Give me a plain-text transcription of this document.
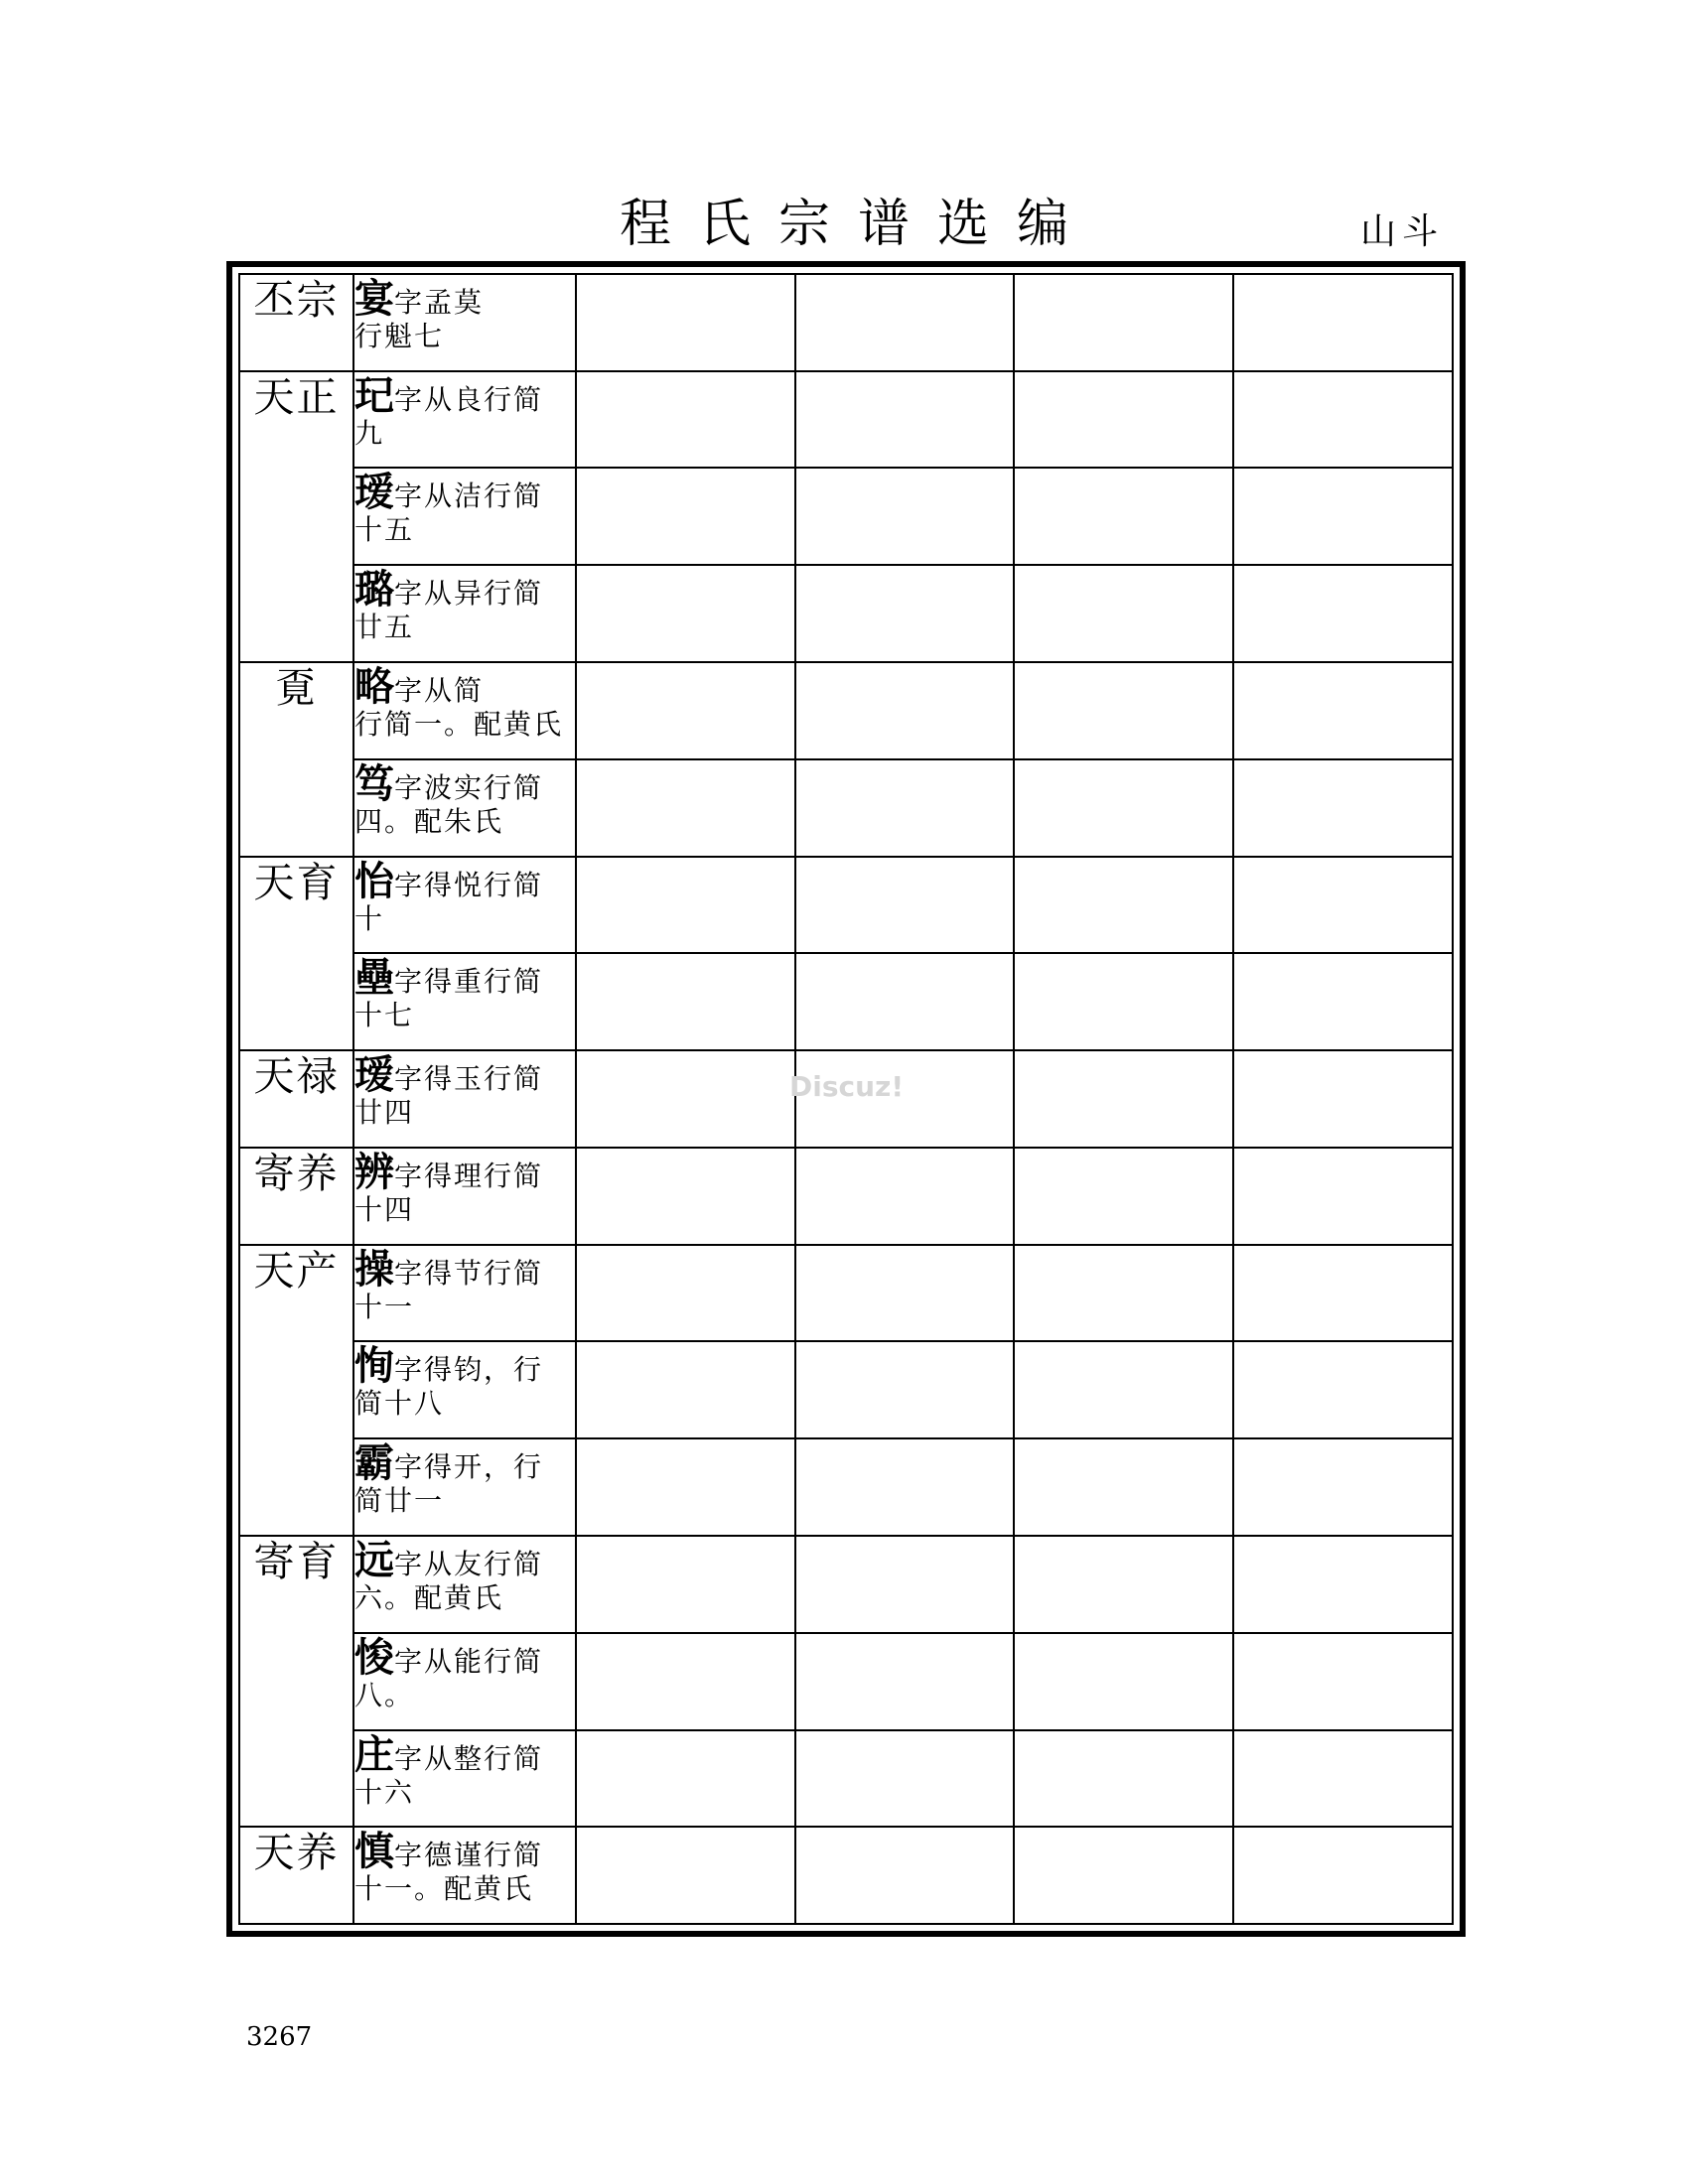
程氏宗谱选编	山斗
丕宗	宴字孟莫
行魁七				

天正	玘字从良行简
九				

	瑷字从洁行简
十五				

	璐字从异行简
廿五				

覔	略字从简
行简一。配黄氏				

	笃字波实行简
四。配朱氏				

天育	怡字得悦行简
十				

	壘字得重行简
十七				

天禄	瑷字得玉行简
廿四				

寄养	辨字得理行简
十四				

天产	操字得节行简
十一				

	恂字得钧，行
简十八				

	霸字得开，行
简廿一				

寄育	远字从友行简
六。配黄氏				

	悛字从能行简
八。				

	庄字从整行简
十六				

天养	慎字德谨行简
十一。配黄氏				

Discuz!
3267
